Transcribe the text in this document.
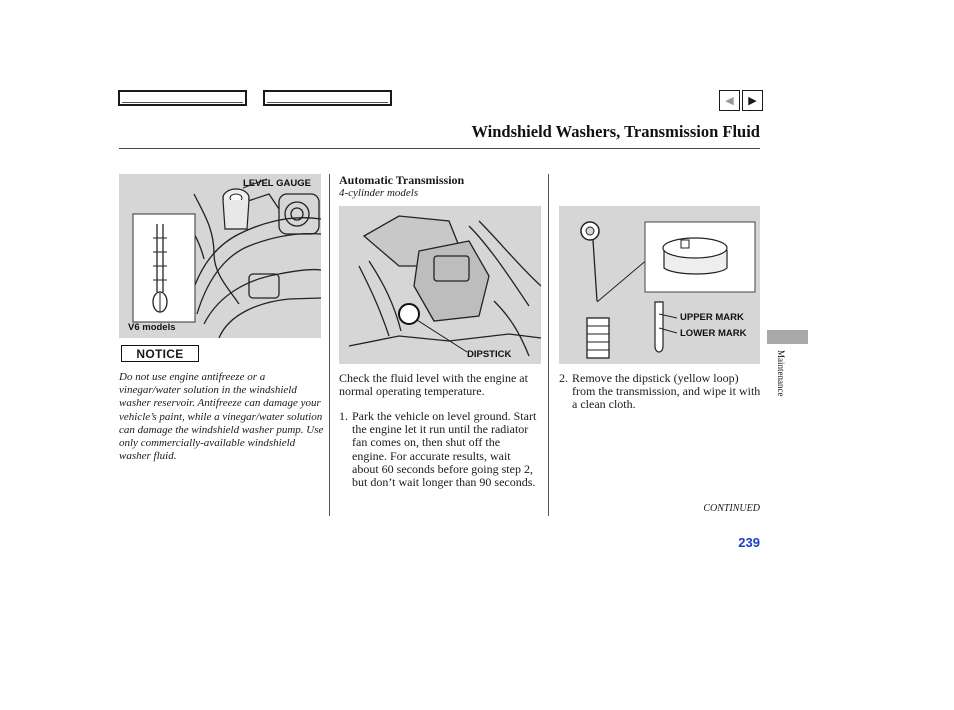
◀ ▶
Windshield Washers, Transmission Fluid
LEVEL GAUGE
V6 models
NOTICE
Do not use engine antifreeze or a vinegar/water solution in the windshield washer reservoir. Antifreeze can damage your vehicle’s paint, while a vinegar/water solution can damage the windshield washer pump. Use only commercially-available windshield washer fluid.
Automatic Transmission
4-cylinder models
DIPSTICK
Check the fluid level with the engine at normal operating temperature.
1. Park the vehicle on level ground. Start the engine let it run until the radiator fan comes on, then shut off the engine. For accurate results, wait about 60 seconds before going step 2, but don’t wait longer than 90 seconds.
UPPER MARK
LOWER MARK
2. Remove the dipstick (yellow loop) from the transmission, and wipe it with a clean cloth.
CONTINUED
239
Maintenance
